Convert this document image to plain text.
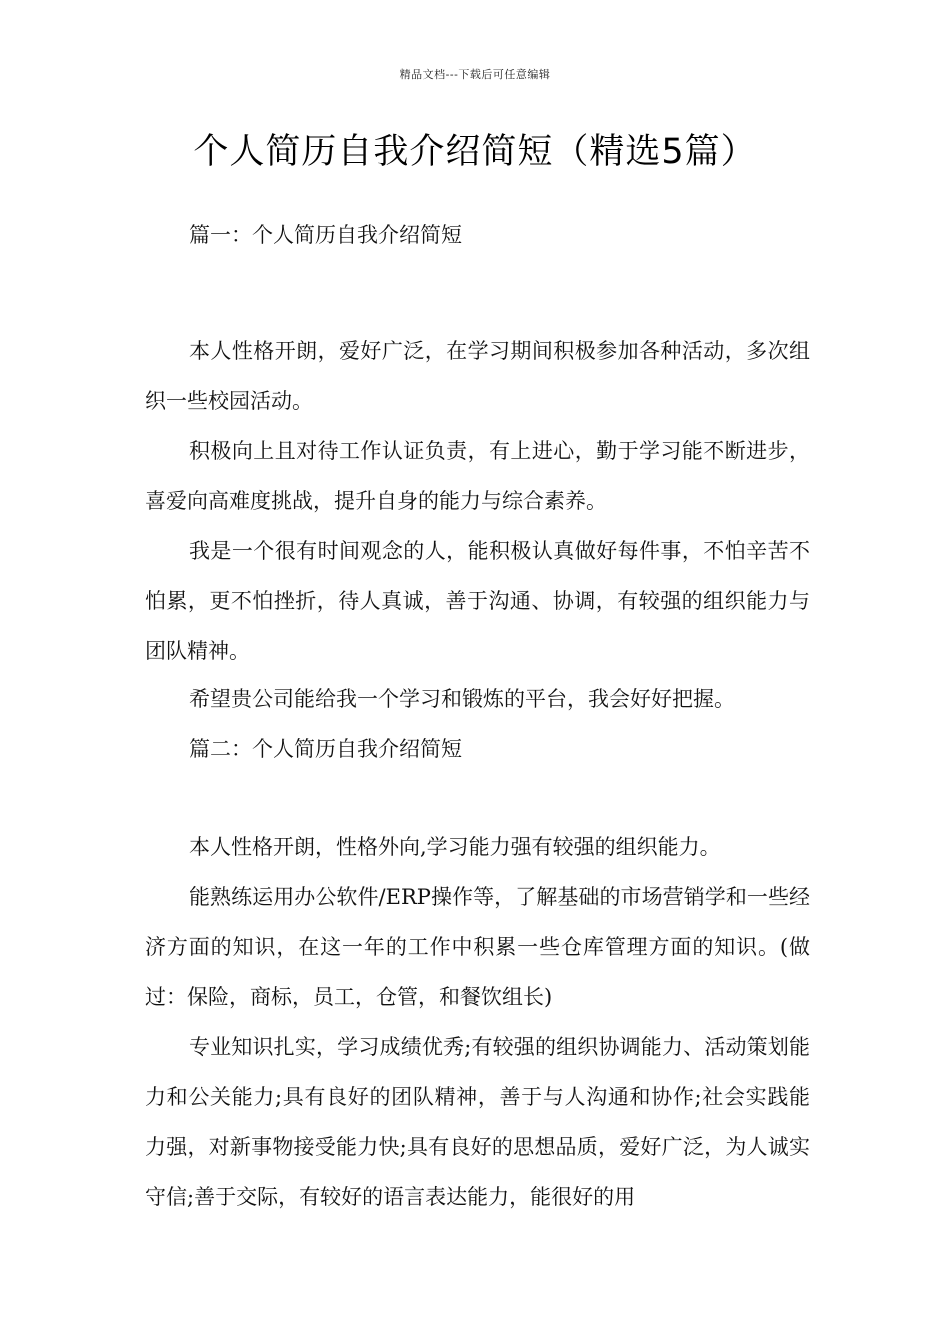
精品文档---下载后可任意编辑
个人简历自我介绍简短（精选5篇）

篇一：个人简历自我介绍简短

本人性格开朗，爱好广泛，在学习期间积极参加各种活动，多次组织一些校园活动。

积极向上且对待工作认证负责，有上进心，勤于学习能不断进步，喜爱向高难度挑战，提升自身的能力与综合素养。

我是一个很有时间观念的人，能积极认真做好每件事，不怕辛苦不怕累，更不怕挫折，待人真诚，善于沟通、协调，有较强的组织能力与团队精神。

希望贵公司能给我一个学习和锻炼的平台，我会好好把握。

篇二：个人简历自我介绍简短

本人性格开朗，性格外向,学习能力强有较强的组织能力。

能熟练运用办公软件/ERP操作等，了解基础的市场营销学和一些经济方面的知识，在这一年的工作中积累一些仓库管理方面的知识。(做过：保险，商标，员工，仓管，和餐饮组长)

专业知识扎实，学习成绩优秀;有较强的组织协调能力、活动策划能力和公关能力;具有良好的团队精神，善于与人沟通和协作;社会实践能力强，对新事物接受能力快;具有良好的思想品质，爱好广泛，为人诚实守信;善于交际，有较好的语言表达能力，能很好的用
